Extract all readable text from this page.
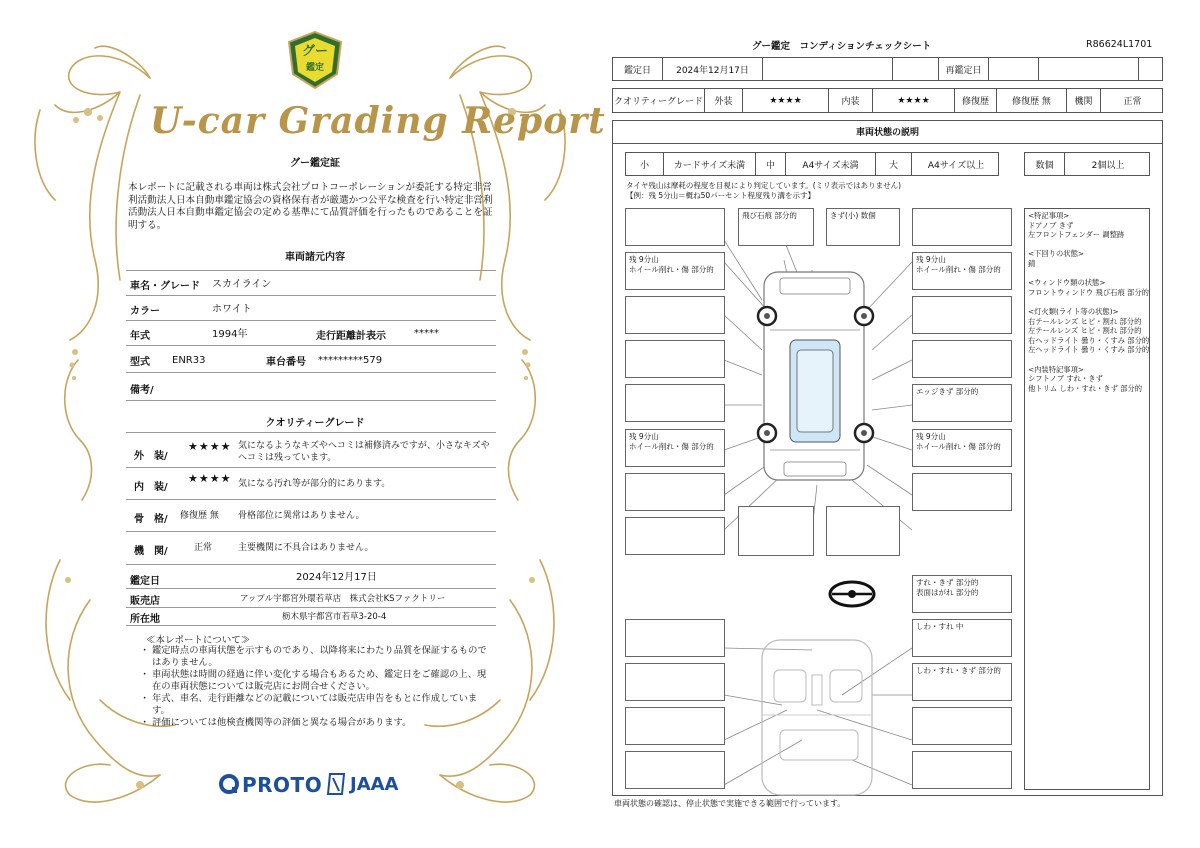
グー
鑑定
U-car Grading Report
グー鑑定証
本レポートに記載される車両は株式会社プロトコーポレーションが委託する特定非営利活動法人日本自動車鑑定協会の資格保有者が厳選かつ公平な検査を行い特定非営利活動法人日本自動車鑑定協会の定める基準にて品質評価を行ったものであることを証明する。
車両諸元内容
車名・グレード スカイライン
カラー	ホワイト
年式	1994年	走行距離計表示	*****
型式 ENR33	車台番号 *********579
備考/
クオリティーグレード
外　装/
★★★★ 気になるようなキズやヘコミは補修済みですが、小さなキズやヘコミは残っています。
内　装/
★★★★ 気になる汚れ等が部分的にあります。
骨　格/ 修復歴 無 骨格部位に異常はありません。
機　関/	正常	主要機関に不具合はありません。
鑑定日	2024年12月17日
販売店	アップル宇都宮外環若草店　株式会社KSファクトリー
所在地	栃木県宇都宮市若草3-20-4
≪本レポートについて≫
・ 鑑定時点の車両状態を示すものであり、以降将来にわたり品質を保証するものではありません。
・ 車両状態は時間の経過に伴い変化する場合もあるため、鑑定日をご確認の上、現在の車両状態については販売店にお問合せください。
・ 年式、車名、走行距離などの記載については販売店申告をもとに作成しています。
・ 評価については他検査機関等の評価と異なる場合があります。
PROTO JAAA
グー鑑定　コンディションチェックシート	R86624L1701
鑑定日	2024年12月17日	再鑑定日
クオリティーグレード	外装	★★★★	内装	★★★★	修復歴	修復歴 無	機関	正常
車両状態の説明
小	カードサイズ未満	中	A4サイズ未満	大	A4サイズ以上	数個	2個以上
タイヤ残山は摩耗の程度を目視により判定しています。(ミリ表示ではありません)
【例：残 5分山＝概ね50パーセント程度残り溝を示す】
飛び石痕 部分的	きず(小) 数個
残 9分山
ホイール削れ・傷 部分的
残 9分山
ホイール削れ・傷 部分的
エッジきず 部分的
残 9分山
ホイール削れ・傷 部分的
残 9分山
ホイール削れ・傷 部分的
すれ・きず 部分的
表面はがれ 部分的
しわ・すれ 中
しわ・すれ・きず 部分的
<特記事項>
ドアノブ きず
左フロントフェンダー 調整跡
<下回りの状態>
錆
<ウィンドウ類の状態>
フロントウィンドウ 飛び石痕 部分的
<灯火類(ライト等の状態)>
右テールレンズ ヒビ・割れ 部分的
左テールレンズ ヒビ・割れ 部分的
右ヘッドライト 曇り・くすみ 部分的
左ヘッドライト 曇り・くすみ 部分的
<内装特記事項>
シフトノブ すれ・きず
他トリム しわ・すれ・きず 部分的
車両状態の確認は、停止状態で実施できる範囲で行っています。
